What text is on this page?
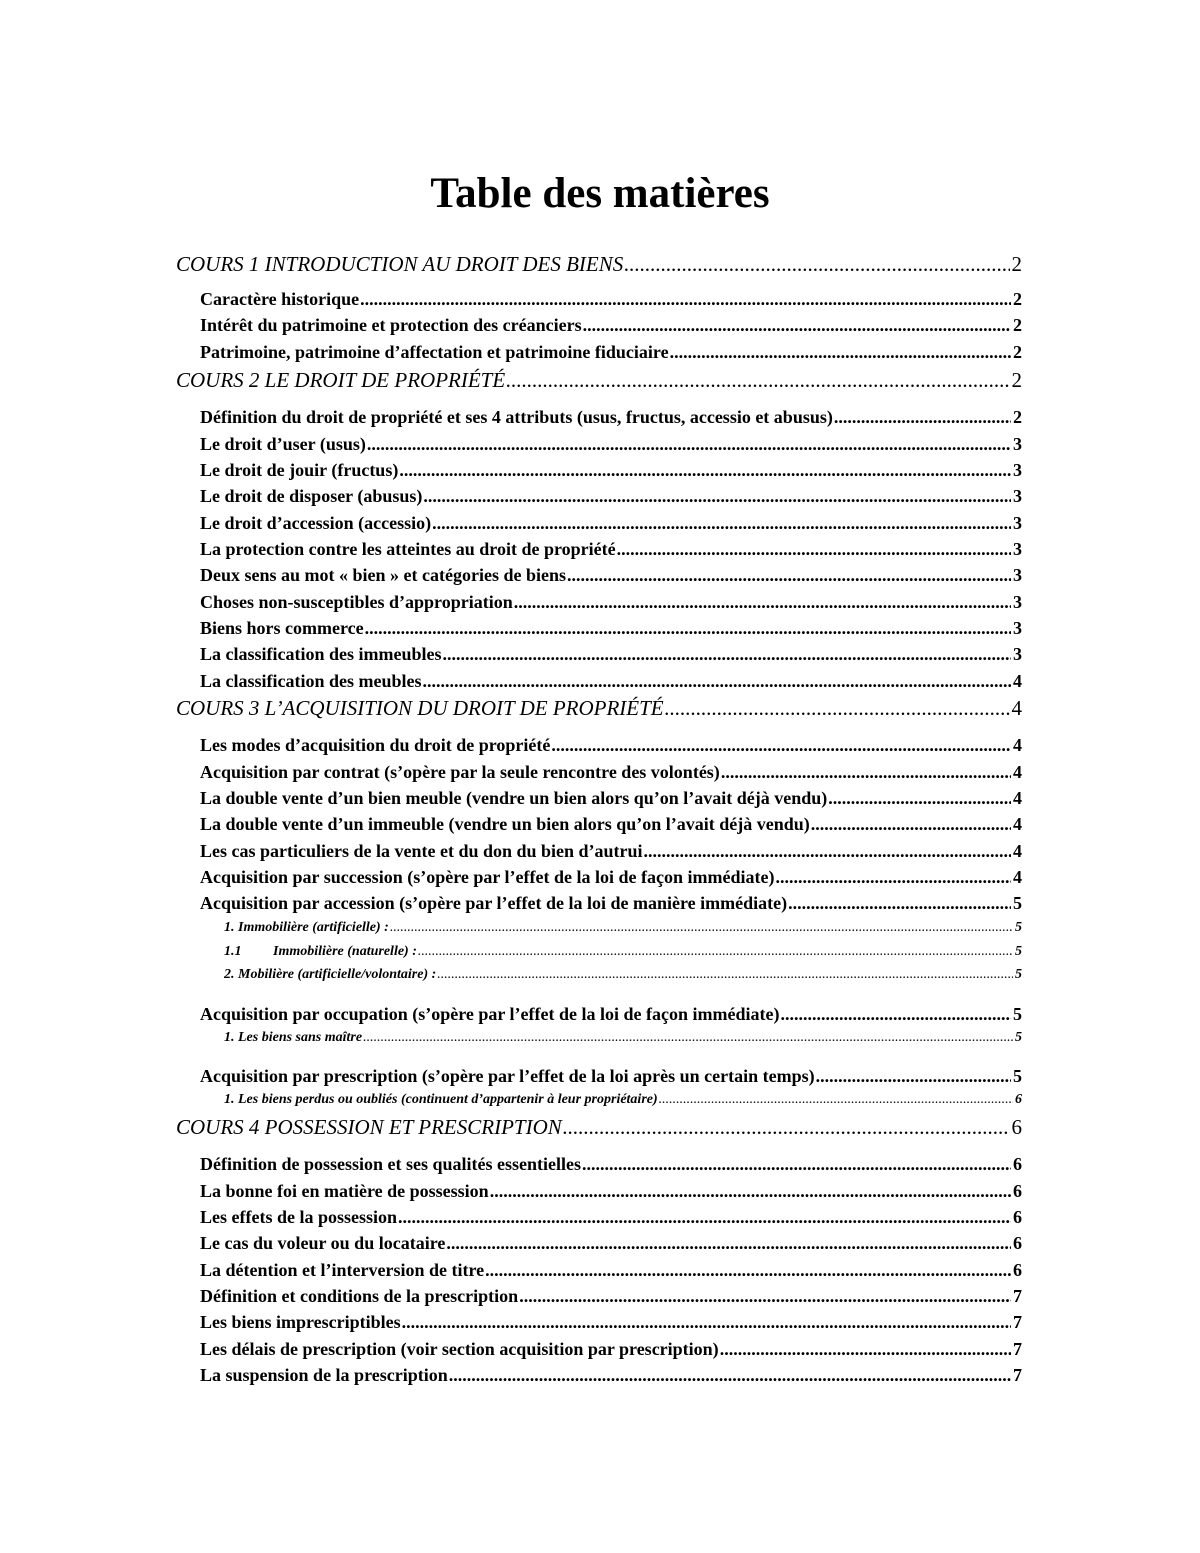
Table des matières
COURS 1 INTRODUCTION AU DROIT DES BIENS .....	2
Caractère historique .....	2
Intérêt du patrimoine et protection des créanciers .....	2
Patrimoine, patrimoine d’affectation et patrimoine fiduciaire .....	2
COURS 2 LE DROIT DE PROPRIÉTÉ .....	2
Définition du droit de propriété et ses 4 attributs (usus, fructus, accessio et abusus) .....	2
Le droit d’user (usus) .....	3
Le droit de jouir (fructus) .....	3
Le droit de disposer (abusus) .....	3
Le droit d’accession (accessio) .....	3
La protection contre les atteintes au droit de propriété .....	3
Deux sens au mot « bien » et catégories de biens .....	3
Choses non-susceptibles d’appropriation .....	3
Biens hors commerce .....	3
La classification des immeubles .....	3
La classification des meubles .....	4
COURS 3 L’ACQUISITION DU DROIT DE PROPRIÉTÉ .....	4
Les modes d’acquisition du droit de propriété .....	4
Acquisition par contrat (s’opère par la seule rencontre des volontés) .....	4
La double vente d’un bien meuble (vendre un bien alors qu’on l’avait déjà vendu) .....	4
La double vente d’un immeuble (vendre un bien alors qu’on l’avait déjà vendu) .....	4
Les cas particuliers de la vente et du don du bien d’autrui .....	4
Acquisition par succession (s’opère par l’effet de la loi de façon immédiate) .....	4
Acquisition par accession (s’opère par l’effet de la loi de manière immédiate) .....	5
1. Immobilière (artificielle) : .....	5
1.1         Immobilière (naturelle) : .....	5
2. Mobilière (artificielle/volontaire) : .....	5
Acquisition par occupation (s’opère par l’effet de la loi de façon immédiate) .....	5
1. Les biens sans maître .....	5
Acquisition par prescription (s’opère par l’effet de la loi après un certain temps) .....	5
1. Les biens perdus ou oubliés (continuent d’appartenir à leur propriétaire) .....	6
COURS 4 POSSESSION ET PRESCRIPTION .....	6
Définition de possession et ses qualités essentielles .....	6
La bonne foi en matière de possession .....	6
Les effets de la possession .....	6
Le cas du voleur ou du locataire .....	6
La détention et l’interversion de titre .....	6
Définition et conditions de la prescription .....	7
Les biens imprescriptibles .....	7
Les délais de prescription (voir section acquisition par prescription) .....	7
La suspension de la prescription .....	7
